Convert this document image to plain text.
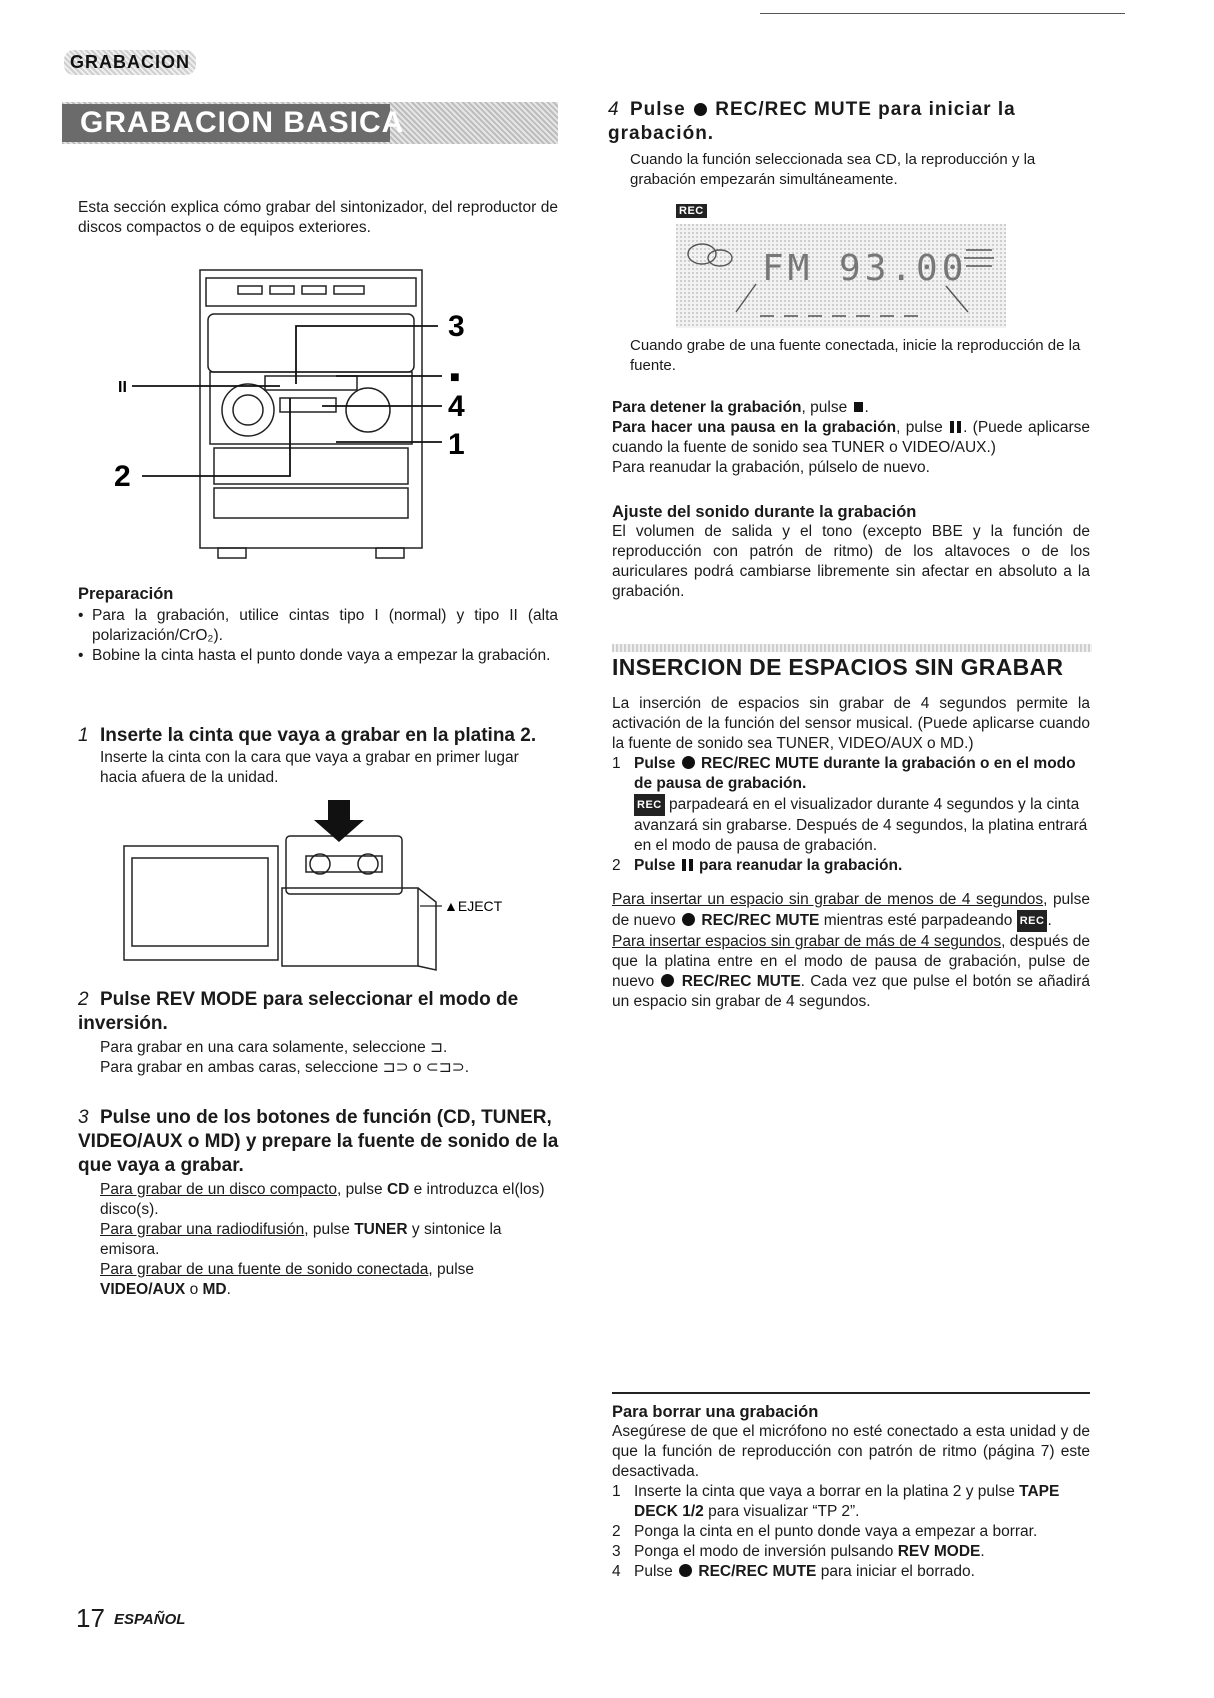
GRABACION
GRABACION BASICA

Esta sección explica cómo grabar del sintonizador, del reproductor de discos compactos o de equipos exteriores.

3
■
4
1
2
II
Preparación
• Para la grabación, utilice cintas tipo I (normal) y tipo II (alta polarización/CrO₂).
• Bobine la cinta hasta el punto donde vaya a empezar la grabación.

1 Inserte la cinta que vaya a grabar en la platina 2.

Inserte la cinta con la cara que vaya a grabar en primer lugar hacia afuera de la unidad.

▲EJECT

2 Pulse REV MODE para seleccionar el modo de inversión.

Para grabar en una cara solamente, seleccione ⊐.

Para grabar en ambas caras, seleccione ⊐⊃ o ⊂⊐⊃.

3 Pulse uno de los botones de función (CD, TUNER, VIDEO/AUX o MD) y prepare la fuente de sonido de la que vaya a grabar.

Para grabar de un disco compacto, pulse CD e introduzca el(los) disco(s).

Para grabar una radiodifusión, pulse TUNER y sintonice la emisora.

Para grabar de una fuente de sonido conectada, pulse VIDEO/AUX o MD.

4 Pulse  REC/REC MUTE para iniciar la grabación.

Cuando la función seleccionada sea CD, la reproducción y la grabación empezarán simultáneamente.

REC
FM 93.00

Cuando grabe de una fuente conectada, inicie la reproducción de la fuente.

Para detener la grabación, pulse .

Para hacer una pausa en la grabación, pulse . (Puede aplicarse cuando la fuente de sonido sea TUNER o VIDEO/AUX.)

Para reanudar la grabación, púlselo de nuevo.

Ajuste del sonido durante la grabación

El volumen de salida y el tono (excepto BBE y la función de reproducción con patrón de ritmo) de los altavoces o de los auriculares podrá cambiarse libremente sin afectar en absoluto a la grabación.

INSERCION DE ESPACIOS SIN GRABAR

La inserción de espacios sin grabar de 4 segundos permite la activación de la función del sensor musical. (Puede aplicarse cuando la fuente de sonido sea TUNER, VIDEO/AUX o MD.)

1 Pulse  REC/REC MUTE durante la grabación o en el modo de pausa de grabación.
REC parpadeará en el visualizador durante 4 segundos y la cinta avanzará sin grabarse. Después de 4 segundos, la platina entrará en el modo de pausa de grabación.
2 Pulse  para reanudar la grabación.

Para insertar un espacio sin grabar de menos de 4 segundos, pulse de nuevo  REC/REC MUTE mientras esté parpadeando REC .

Para insertar espacios sin grabar de más de 4 segundos, después de que la platina entre en el modo de pausa de grabación, pulse de nuevo  REC/REC MUTE. Cada vez que pulse el botón se añadirá un espacio sin grabar de 4 segundos.

Para borrar una grabación

Asegúrese de que el micrófono no esté conectado a esta unidad y de que la función de reproducción con patrón de ritmo (página 7) este desactivada.

1 Inserte la cinta que vaya a borrar en la platina 2 y pulse TAPE DECK 1/2 para visualizar “TP 2”.
2 Ponga la cinta en el punto donde vaya a empezar a borrar.
3 Ponga el modo de inversión pulsando REV MODE.
4 Pulse  REC/REC MUTE para iniciar el borrado.
17 ESPAÑOL
